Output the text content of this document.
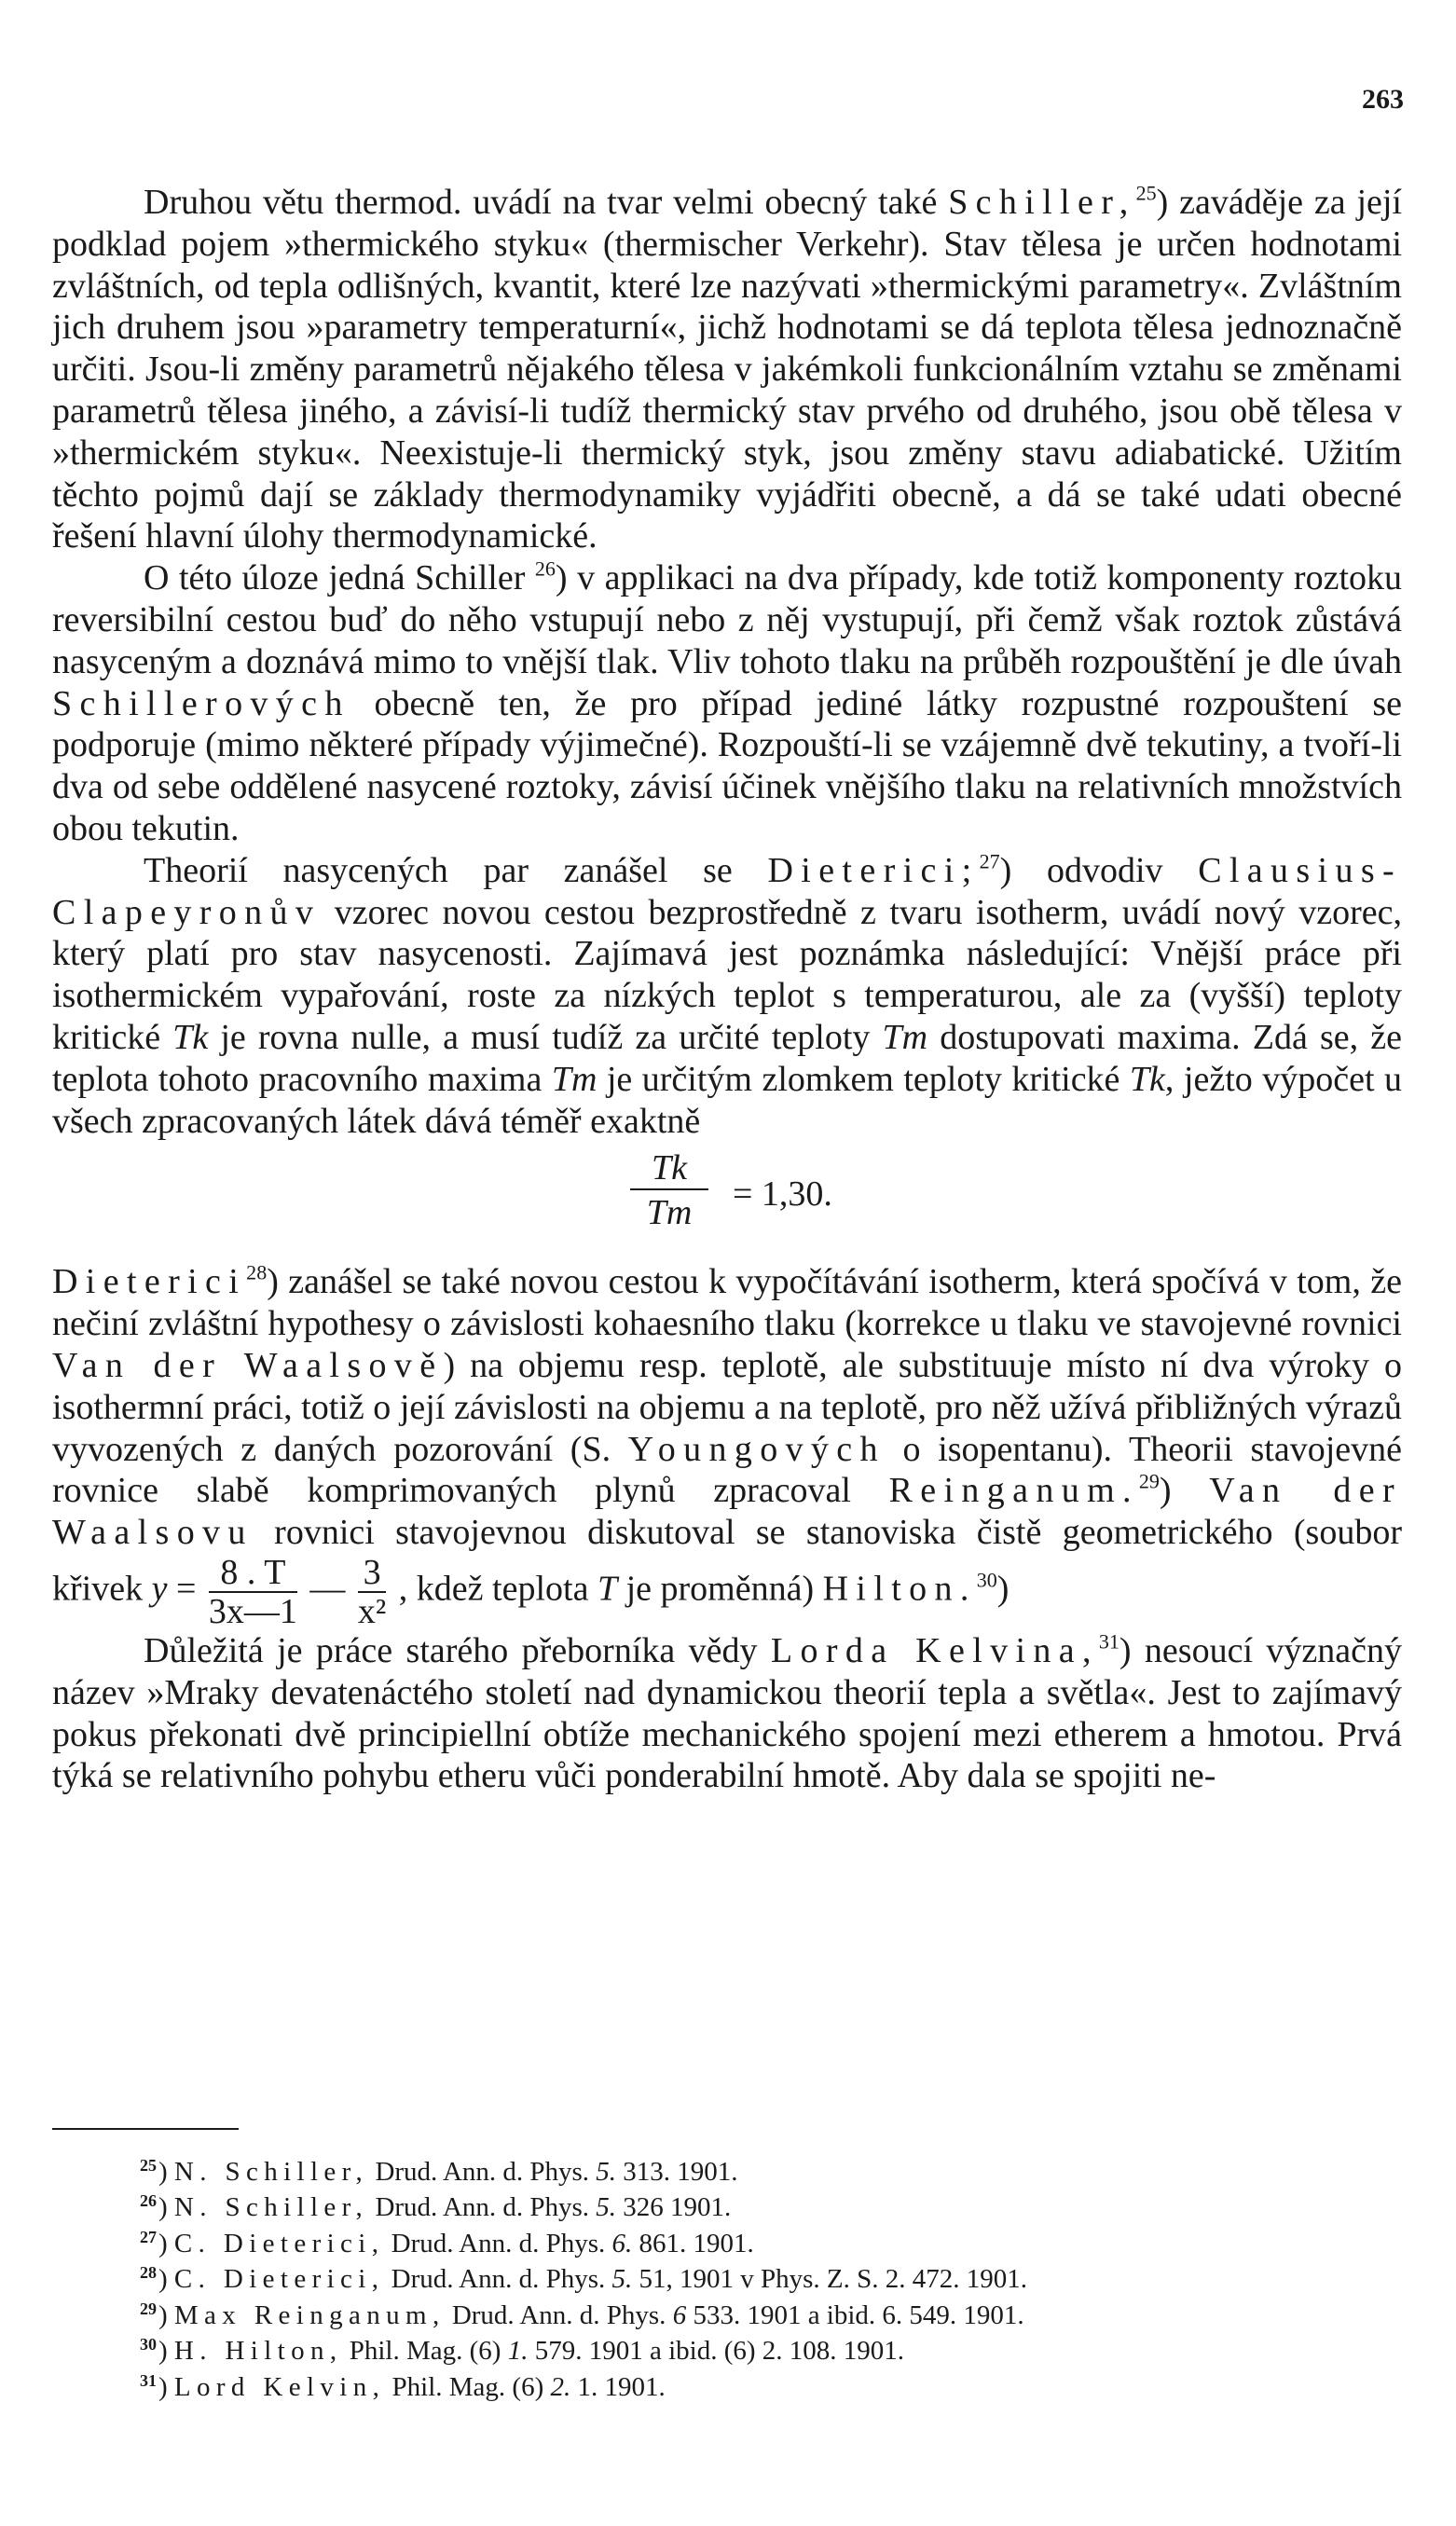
263

Druhou větu thermod. uvádí na tvar velmi obecný také Schiller,$^{25}$) zaváděje za její podklad pojem »thermického styku« (thermischer Verkehr). Stav tělesa je určen hodnotami zvláštních, od tepla odlišných, kvantit, které lze nazývati »thermickými parametry«. Zvláštním jich druhem jsou »parametry temperaturní«, jichž hodnotami se dá teplota tělesa jednoznačně určiti. Jsou-li změny parametrů nějakého tělesa v jakémkoli funkcionálním vztahu se změnami parametrů tělesa jiného, a závisí-li tudíž thermický stav prvého od druhého, jsou obě tělesa v »thermickém styku«. Neexistuje-li thermický styk, jsou změny stavu adiabatické. Užitím těchto pojmů dají se základy thermodynamiky vyjádřiti obecně, a dá se také udati obecné řešení hlavní úlohy thermodynamické.

O této úloze jedná Schiller $^{26}$) v applikaci na dva případy, kde totiž komponenty roztoku reversibilní cestou buď do něho vstupují nebo z něj vystupují, při čemž však roztok zůstává nasyceným a doznává mimo to vnější tlak. Vliv tohoto tlaku na průběh rozpouštění je dle úvah Schillerových obecně ten, že pro případ jediné látky rozpustné rozpouštení se podporuje (mimo některé případy výjimečné). Rozpouští-li se vzájemně dvě tekutiny, a tvoří-li dva od sebe oddělené nasycené roztoky, závisí účinek vnějšího tlaku na relativních množstvích obou tekutin.

Theorií nasycených par zanášel se Dieterici;$^{27}$) odvodiv Clausius-Clapeyronův vzorec novou cestou bezprostředně z tvaru isotherm, uvádí nový vzorec, který platí pro stav nasycenosti. Zajímavá jest poznámka následující: Vnější práce při isothermickém vypařování, roste za nízkých teplot s temperaturou, ale za (vyšší) teploty kritické Tk je rovna nulle, a musí tudíž za určité teploty Tm dostupovati maxima. Zdá se, že teplota tohoto pracovního maxima Tm je určitým zlomkem teploty kritické Tk, ježto výpočet u všech zpracovaných látek dává téměř exaktně

Tk
Tm	= 1,30.

Dieterici$^{28}$) zanášel se také novou cestou k vypočítávání isotherm, která spočívá v tom, že nečiní zvláštní hypothesy o závislosti kohaesního tlaku (korrekce u tlaku ve stavojevné rovnici Van der Waalsově) na objemu resp. teplotě, ale substituuje místo ní dva výroky o isothermní práci, totiž o její závislosti na objemu a na teplotě, pro něž užívá přibližných výrazů vyvozených z daných pozorování (S. Youngových o isopentanu). Theorii stavojevné rovnice slabě komprimovaných plynů zpracoval Reinganum.$^{29}$) Van der Waalsovu rovnici stavojevnou diskutoval se stanoviska čistě geometrického (soubor křivek $y = \frac{8 . T}{3x—1}$ — $\frac{3}{\text{x²}}$ , kdež teplota T je proměnná) Hilton.$^{30}$)

Důležitá je práce starého přeborníka vědy Lorda Kelvina,$^{31}$) nesoucí význačný název »Mraky devatenáctého století nad dynamickou theorií tepla a světla«. Jest to zajímavý pokus překonati dvě principiellní obtíže mechanického spojení mezi etherem a hmotou. Prvá týká se relativního pohybu etheru vůči ponderabilní hmotě. Aby dala se spojiti ne-

$^{25}$) N. Schiller, Drud. Ann. d. Phys. 5. 313. 1901.
$^{26}$) N. Schiller, Drud. Ann. d. Phys. 5. 326 1901.
$^{27}$) C. Dieterici, Drud. Ann. d. Phys. 6. 861. 1901.
$^{28}$) C. Dieterici, Drud. Ann. d. Phys. 5. 51, 1901 v Phys. Z. S. 2. 472. 1901.
$^{29}$) Max Reinganum, Drud. Ann. d. Phys. 6 533. 1901 a ibid. 6. 549. 1901.
$^{30}$) H. Hilton, Phil. Mag. (6) 1. 579. 1901 a ibid. (6) 2. 108. 1901.
$^{31}$) Lord Kelvin, Phil. Mag. (6) 2. 1. 1901.
